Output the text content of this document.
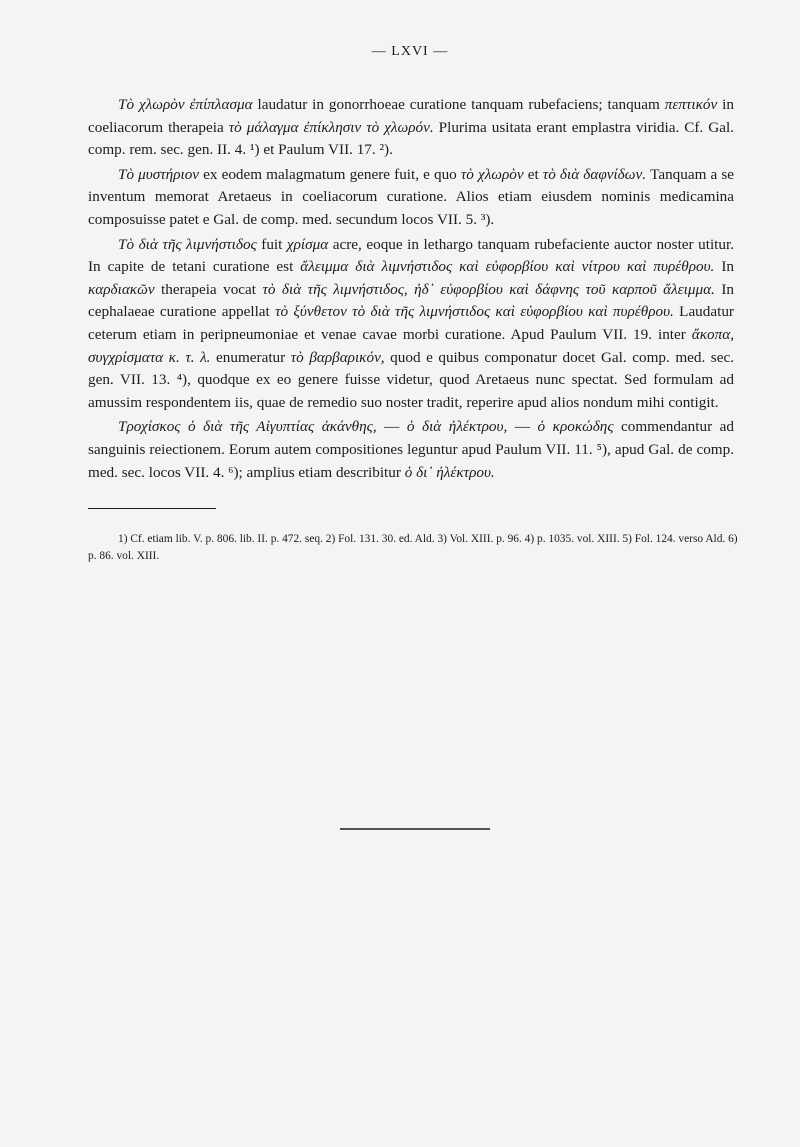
— LXVI —

Τὸ χλωρὸν ἐπίπλασμα laudatur in gonorrhoeae curatione tanquam rubefaciens; tanquam πεπτικόν in coeliacorum therapeia τὸ μάλαγμα ἐπίκλησιν τὸ χλωρόν. Plurima usitata erant emplastra viridia. Cf. Gal. comp. rem. sec. gen. II. 4. ¹) et Paulum VII. 17. ²).

Τὸ μυστήριον ex eodem malagmatum genere fuit, e quo τὸ χλωρὸν et τὸ διὰ δαφνίδων. Tanquam a se inventum memorat Aretaeus in coeliacorum curatione. Alios etiam eiusdem nominis medicamina composuisse patet e Gal. de comp. med. secundum locos VII. 5. ³).

Τὸ διὰ τῆς λιμνήστιδος fuit χρίσμα acre, eoque in lethargo tanquam rubefaciente auctor noster utitur. In capite de tetani curatione est ἄλειμμα διὰ λιμνήστιδος καὶ εὐφορβίου καὶ νίτρου καὶ πυρέθρου. In καρδιακῶν therapeia vocat τὸ διὰ τῆς λιμνήστιδος, ἠδ᾽ εὐφορβίου καὶ δάφνης τοῦ καρποῦ ἄλειμμα. In cephalaeae curatione appellat τὸ ξύνθετον τὸ διὰ τῆς λιμνήστιδος καὶ εὐφορβίου καὶ πυρέθρου. Laudatur ceterum etiam in peripneumoniae et venae cavae morbi curatione. Apud Paulum VII. 19. inter ἄκοπα, συγχρίσματα κ. τ. λ. enumeratur τὸ βαρβαρικόν, quod e quibus componatur docet Gal. comp. med. sec. gen. VII. 13. ⁴), quodque ex eo genere fuisse videtur, quod Aretaeus nunc spectat. Sed formulam ad amussim respondentem iis, quae de remedio suo noster tradit, reperire apud alios nondum mihi contigit.

Τροχίσκος ὁ διὰ τῆς Αἰγυπτίας ἀκάνθης, — ὁ διὰ ἠλέκτρου, — ὁ κροκώδης commendantur ad sanguinis reiectionem. Eorum autem compositiones leguntur apud Paulum VII. 11. ⁵), apud Gal. de comp. med. sec. locos VII. 4. ⁶); amplius etiam describitur ὁ δι᾽ ἠλέκτρου.

1) Cf. etiam lib. V. p. 806. lib. II. p. 472. seq. 2) Fol. 131. 30. ed. Ald. 3) Vol. XIII. p. 96. 4) p. 1035. vol. XIII. 5) Fol. 124. verso Ald. 6) p. 86. vol. XIII.
